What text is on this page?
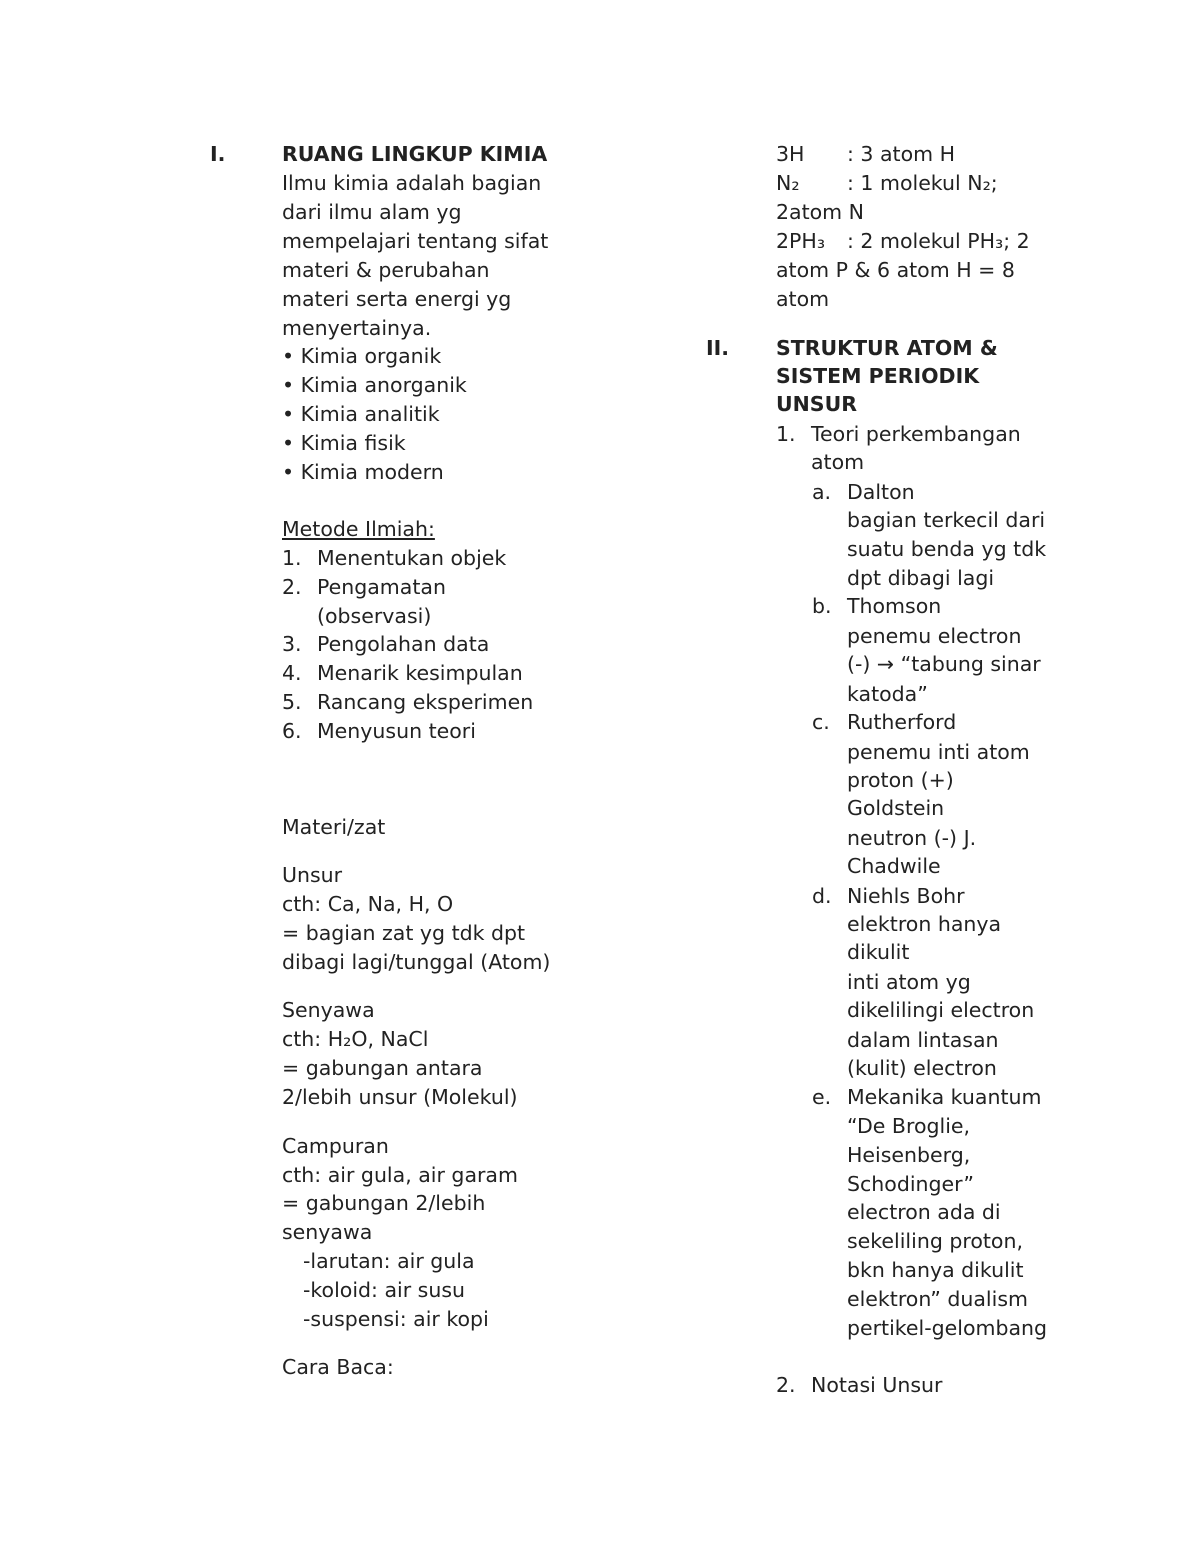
I.	RUANG LINGKUP KIMIA
Ilmu kimia adalah bagian
dari ilmu alam yg
mempelajari tentang sifat
materi & perubahan
materi serta energi yg
menyertainya.
• Kimia organik
• Kimia anorganik
• Kimia analitik
• Kimia fisik
• Kimia modern
Metode Ilmiah:
1. Menentukan objek
2. Pengamatan
(observasi)
3. Pengolahan data
4. Menarik kesimpulan
5. Rancang eksperimen
6. Menyusun teori
Materi/zat
Unsur
cth: Ca, Na, H, O
= bagian zat yg tdk dpt
dibagi lagi/tunggal (Atom)
Senyawa
cth: H₂O, NaCl
= gabungan antara
2/lebih unsur (Molekul)
Campuran
cth: air gula, air garam
= gabungan 2/lebih
senyawa
-larutan: air gula
-koloid: air susu
-suspensi: air kopi
Cara Baca:
3H : 3 atom H
N₂ : 1 molekul N₂;
2atom N
2PH₃ : 2 molekul PH₃; 2
atom P & 6 atom H = 8
atom
II. STRUKTUR ATOM &
SISTEM PERIODIK
UNSUR
1. Teori perkembangan
atom
a. Dalton
bagian terkecil dari
suatu benda yg tdk
dpt dibagi lagi
b. Thomson
penemu electron
(-) → “tabung sinar
katoda”
c. Rutherford
penemu inti atom
proton (+)
Goldstein
neutron (-) J.
Chadwile
d. Niehls Bohr
elektron hanya
dikulit
inti atom yg
dikelilingi electron
dalam lintasan
(kulit) electron
e. Mekanika kuantum
“De Broglie,
Heisenberg,
Schodinger”
electron ada di
sekeliling proton,
bkn hanya dikulit
elektron” dualism
pertikel-gelombang
2. Notasi Unsur
